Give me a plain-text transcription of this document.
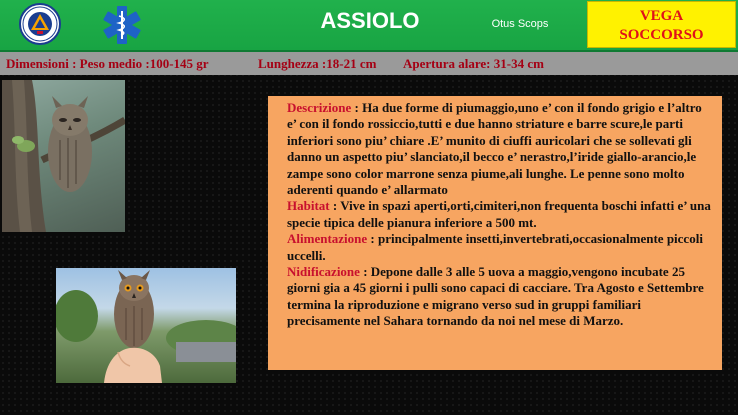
ASSIOLO	Otus Scops	VEGA
SOCCORSO
Dimensioni : Peso medio :100-145 gr	Lunghezza :18-21 cm Apertura alare: 31-34 cm

Descrizione : Ha due forme di piumaggio,uno e’ con il fondo grigio e l’altro e’ con il fondo rossiccio,tutti e due hanno striature e barre scure,le parti inferiori sono piu’ chiare .E’ munito di ciuffi auricolari che se sollevati gli danno un aspetto piu’ slanciato,il becco e’ nerastro,l’iride giallo-arancio,le zampe sono color marrone senza piume,ali lunghe. Le penne sono molto aderenti quando e’ allarmato

Habitat : Vive in spazi aperti,orti,cimiteri,non frequenta boschi infatti e’ una specie tipica delle pianura inferiore a 500 mt.

Alimentazione : principalmente insetti,invertebrati,occasionalmente piccoli uccelli.

Nidificazione : Depone dalle 3 alle 5 uova a maggio,vengono incubate 25 giorni gia a 45 giorni i pulli sono capaci di cacciare. Tra Agosto e Settembre termina la riproduzione e migrano verso sud in gruppi familiari precisamente nel Sahara tornando da noi nel mese di Marzo.
